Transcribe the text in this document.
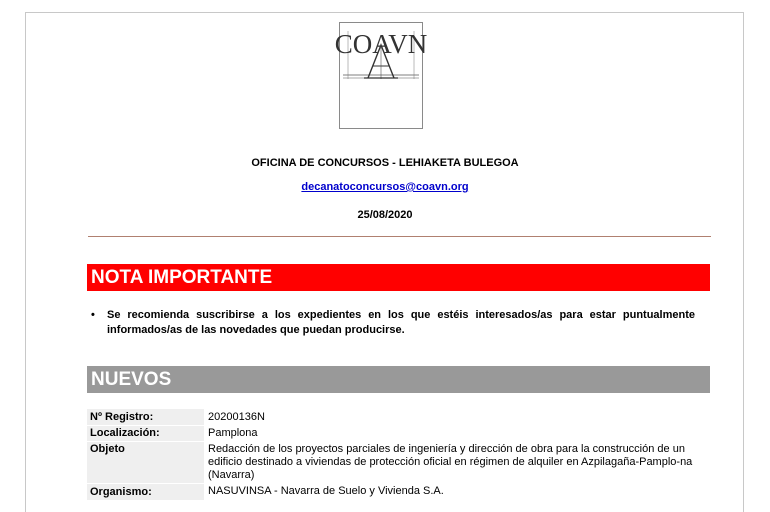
COAVN
OFICINA DE CONCURSOS - LEHIAKETA BULEGOA
decanatoconcursos@coavn.org
25/08/2020
NOTA IMPORTANTE
• Se recomienda suscribirse a los expedientes en los que estéis interesados/as para estar puntualmente informados/as de las novedades que puedan producirse.
NUEVOS
Nº Registro:	20200136N
Localización:	Pamplona
Objeto	Redacción de los proyectos parciales de ingeniería y dirección de obra para la construcción de un edificio destinado a viviendas de protección oficial en régimen de alquiler en Azpilagaña-Pamplo-na (Navarra)
Organismo:	NASUVINSA - Navarra de Suelo y Vivienda S.A.
